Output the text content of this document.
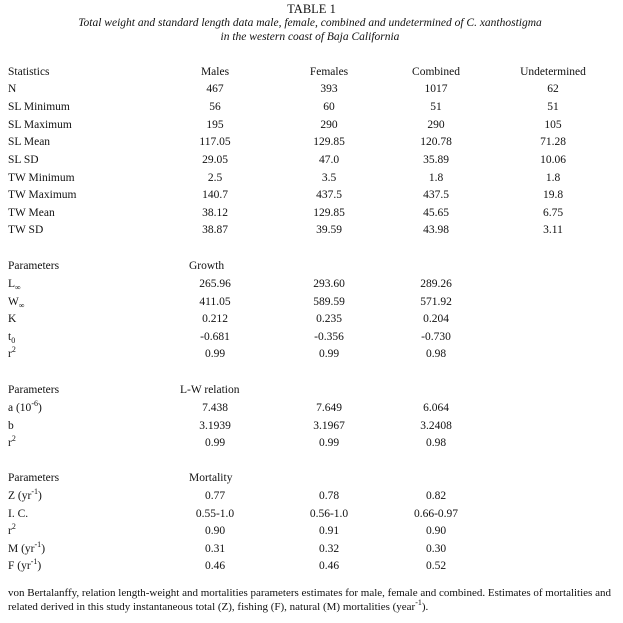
TABLE 1
Total weight and standard length data male, female, combined and undetermined of C. xanthostigma
in the western coast of Baja California
Statistics	Males	Females	Combined	Undetermined
N	467	393	1017	62
SL Minimum	56	60	51	51
SL Maximum	195	290	290	105
SL Mean	117.05	129.85	120.78	71.28
SL SD	29.05	47.0	35.89	10.06
TW Minimum	2.5	3.5	1.8	1.8
TW Maximum	140.7	437.5	437.5	19.8
TW Mean	38.12	129.85	45.65	6.75
TW SD	38.87	39.59	43.98	3.11
Parameters	Growth
$L_\infty$	265.96	293.60	289.26
$W_\infty$	411.05	589.59	571.92
K	0.212	0.235	0.204
$t_0$	-0.681	-0.356	-0.730
$r^2$	0.99	0.99	0.98
Parameters	L-W relation
a $(10^{-6})$	7.438	7.649	6.064
b	3.1939	3.1967	3.2408
$r^2$	0.99	0.99	0.98
Parameters	Mortality
Z $(yr^{-1})$	0.77	0.78	0.82
I. C.	0.55-1.0	0.56-1.0	0.66-0.97
$r^2$	0.90	0.91	0.90
M $(yr^{-1})$	0.31	0.32	0.30
F $(yr^{-1})$	0.46	0.46	0.52
von Bertalanffy, relation length-weight and mortalities parameters estimates for male, female and combined. Estimates of mortalities and related derived in this study instantaneous total (Z), fishing (F), natural (M) mortalities (year$^{-1}$).
